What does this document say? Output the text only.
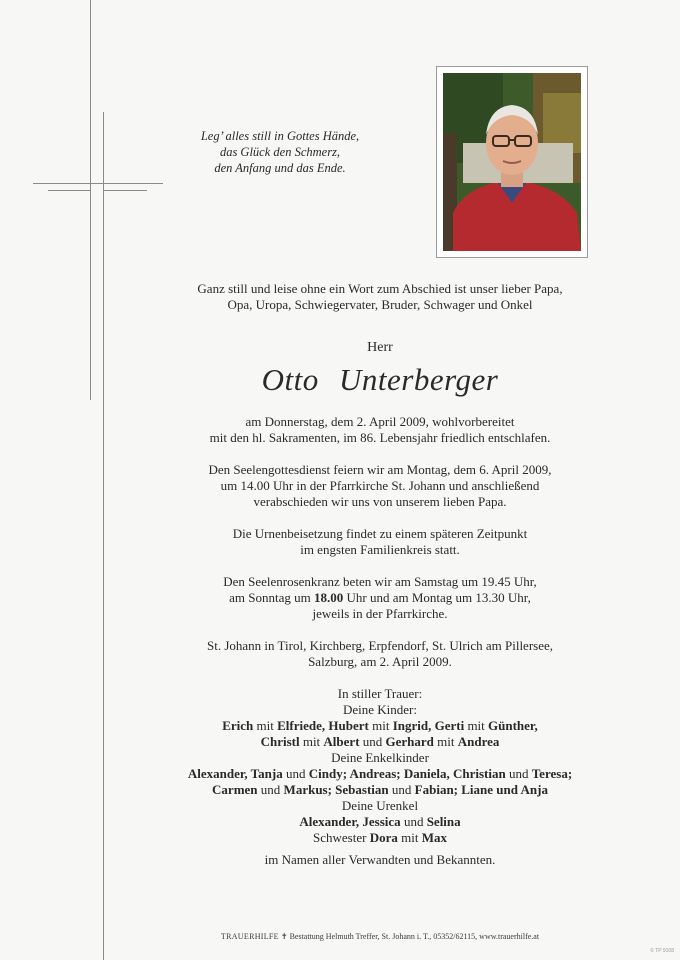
Leg’ alles still in Gottes Hände,
das Glück den Schmerz,
den Anfang und das Ende.
Ganz still und leise ohne ein Wort zum Abschied ist unser lieber Papa,
Opa, Uropa, Schwiegervater, Bruder, Schwager und Onkel
Herr
Otto Unterberger
am Donnerstag, dem 2. April 2009, wohlvorbereitet
mit den hl. Sakramenten, im 86. Lebensjahr friedlich entschlafen.
Den Seelengottesdienst feiern wir am Montag, dem 6. April 2009,
um 14.00 Uhr in der Pfarrkirche St. Johann und anschließend
verabschieden wir uns von unserem lieben Papa.
Die Urnenbeisetzung findet zu einem späteren Zeitpunkt
im engsten Familienkreis statt.
Den Seelenrosenkranz beten wir am Samstag um 19.45 Uhr,
am Sonntag um 18.00 Uhr und am Montag um 13.30 Uhr,
jeweils in der Pfarrkirche.
St. Johann in Tirol, Kirchberg, Erpfendorf, St. Ulrich am Pillersee,
Salzburg, am 2. April 2009.
In stiller Trauer:
Deine Kinder:
Erich mit Elfriede, Hubert mit Ingrid, Gerti mit Günther,
Christl mit Albert und Gerhard mit Andrea
Deine Enkelkinder
Alexander, Tanja und Cindy; Andreas; Daniela, Christian und Teresa;
Carmen und Markus; Sebastian und Fabian; Liane und Anja
Deine Urenkel
Alexander, Jessica und Selina
Schwester Dora mit Max
im Namen aller Verwandten und Bekannten.
TRAUERHILFE ✝ Bestattung Helmuth Treffer, St. Johann i. T., 05352/62115, www.trauerhilfe.at
© TP 9108
